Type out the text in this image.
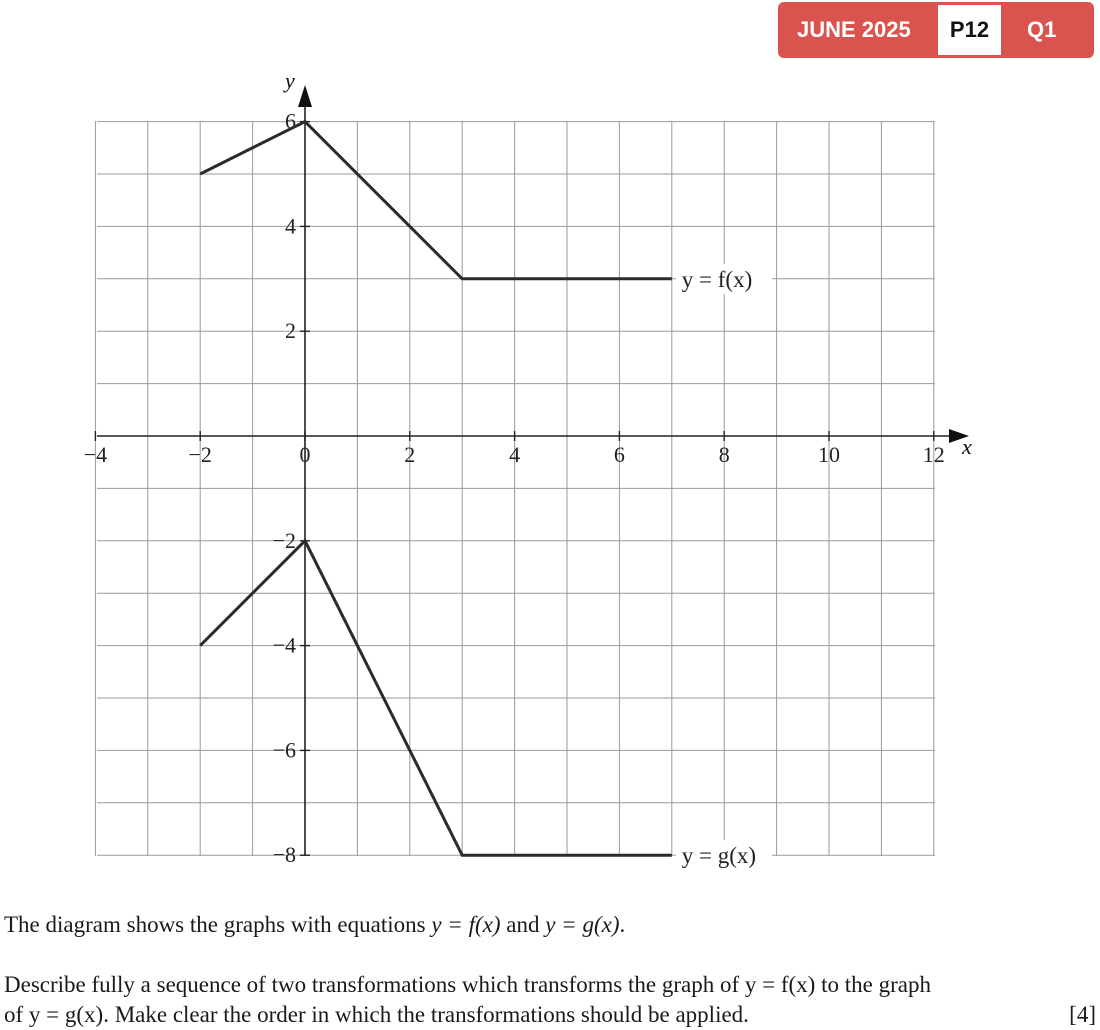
JUNE 2025	P12	Q1
x
y
−4	−2	0	2	4	6	8	10	12
6
4
2
−2
−4
−6
−8
y = f(x)
y = g(x)
The diagram shows the graphs with equations y = f(x) and y = g(x).
Describe fully a sequence of two transformations which transforms the graph of y = f(x) to the graph
of y = g(x). Make clear the order in which the transformations should be applied.	[4]
